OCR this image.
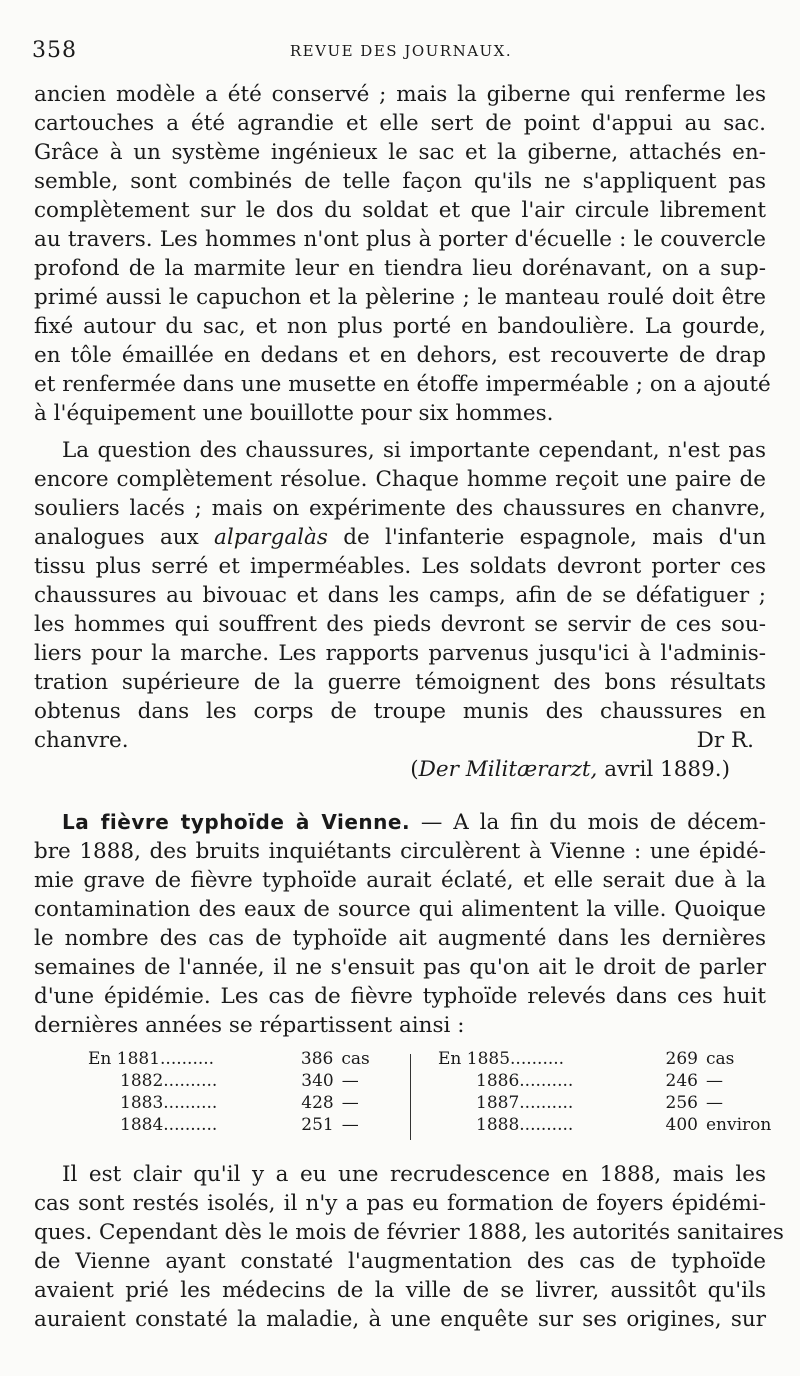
358	REVUE DES JOURNAUX.
ancien modèle a été conservé ; mais la giberne qui renferme les
cartouches a été agrandie et elle sert de point d'appui au sac.
Grâce à un système ingénieux le sac et la giberne, attachés en-
semble, sont combinés de telle façon qu'ils ne s'appliquent pas
complètement sur le dos du soldat et que l'air circule librement
au travers. Les hommes n'ont plus à porter d'écuelle : le couvercle
profond de la marmite leur en tiendra lieu dorénavant, on a sup-
primé aussi le capuchon et la pèlerine ; le manteau roulé doit être
fixé autour du sac, et non plus porté en bandoulière. La gourde,
en tôle émaillée en dedans et en dehors, est recouverte de drap
et renfermée dans une musette en étoffe imperméable ; on a ajouté
à l'équipement une bouillotte pour six hommes.
La question des chaussures, si importante cependant, n'est pas
encore complètement résolue. Chaque homme reçoit une paire de
souliers lacés ; mais on expérimente des chaussures en chanvre,
analogues aux alpargalàs de l'infanterie espagnole, mais d'un
tissu plus serré et imperméables. Les soldats devront porter ces
chaussures au bivouac et dans les camps, afin de se défatiguer ;
les hommes qui souffrent des pieds devront se servir de ces sou-
liers pour la marche. Les rapports parvenus jusqu'ici à l'adminis-
tration supérieure de la guerre témoignent des bons résultats
obtenus dans les corps de troupe munis des chaussures en
chanvre.	Dr R.
(Der Militærarzt, avril 1889.)
La fièvre typhoïde à Vienne. — A la fin du mois de décem-
bre 1888, des bruits inquiétants circulèrent à Vienne : une épidé-
mie grave de fièvre typhoïde aurait éclaté, et elle serait due à la
contamination des eaux de source qui alimentent la ville. Quoique
le nombre des cas de typhoïde ait augmenté dans les dernières
semaines de l'année, il ne s'ensuit pas qu'on ait le droit de parler
d'une épidémie. Les cas de fièvre typhoïde relevés dans ces huit
dernières années se répartissent ainsi :
En 1881..........	386 cas
1882..........	340 —
1883..........	428 —
1884..........	251 —
En 1885..........	269 cas
1886..........	246 —
1887..........	256 —
1888..........	400 environ
Il est clair qu'il y a eu une recrudescence en 1888, mais les
cas sont restés isolés, il n'y a pas eu formation de foyers épidémi-
ques. Cependant dès le mois de février 1888, les autorités sanitaires
de Vienne ayant constaté l'augmentation des cas de typhoïde
avaient prié les médecins de la ville de se livrer, aussitôt qu'ils
auraient constaté la maladie, à une enquête sur ses origines, sur
